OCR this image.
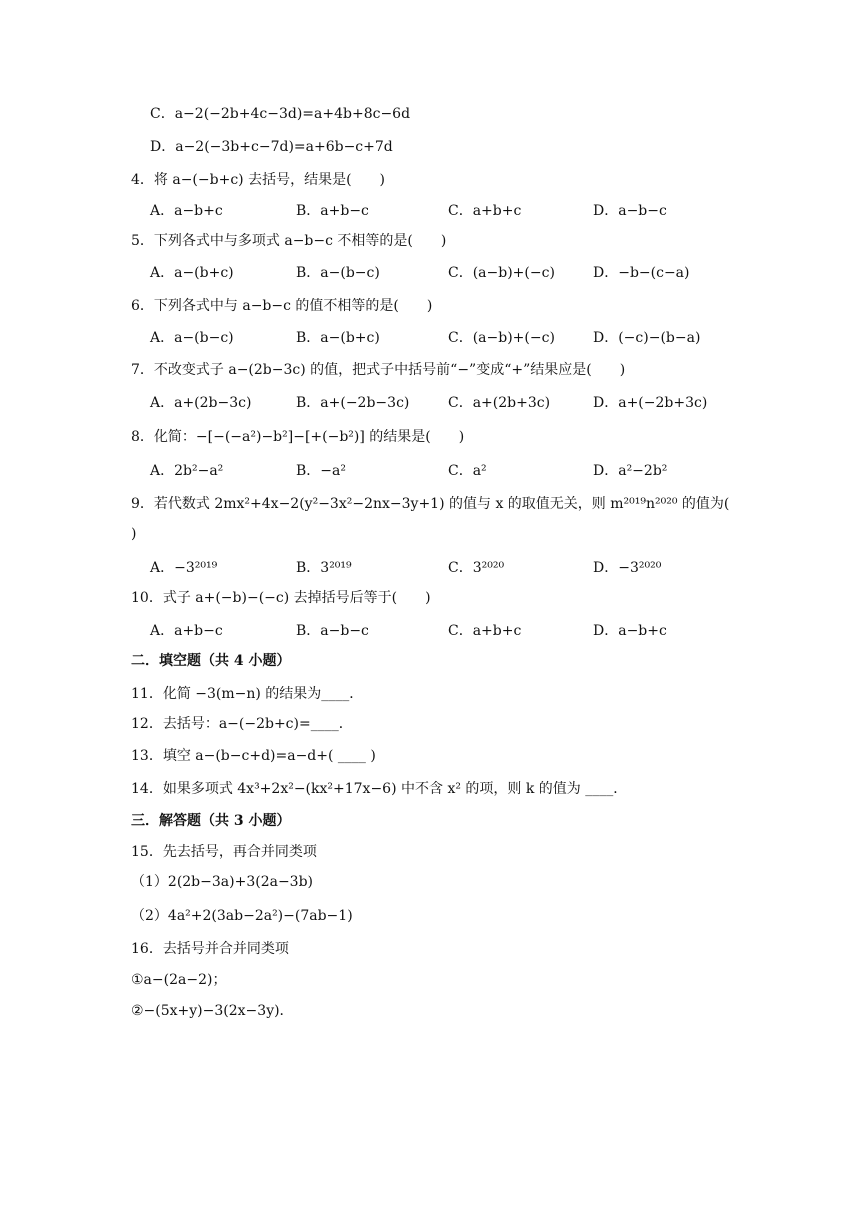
C．a−2(−2b+4c−3d)=a+4b+8c−6d
D．a−2(−3b+c−7d)=a+6b−c+7d
4．将 a−(−b+c) 去括号，结果是(　　)
A．a−b+c	B．a+b−c	C．a+b+c	D．a−b−c
5．下列各式中与多项式 a−b−c 不相等的是(　　)
A．a−(b+c)	B．a−(b−c)	C．(a−b)+(−c)	D．−b−(c−a)
6．下列各式中与 a−b−c 的值不相等的是(　　)
A．a−(b−c)	B．a−(b+c)	C．(a−b)+(−c)	D．(−c)−(b−a)
7．不改变式子 a−(2b−3c) 的值，把式子中括号前“−”变成“+”结果应是(　　)
A．a+(2b−3c)	B．a+(−2b−3c)	C．a+(2b+3c)	D．a+(−2b+3c)
8．化简：−[−(−a²)−b²]−[+(−b²)] 的结果是(　　)
A．2b²−a²	B．−a²	C．a²	D．a²−2b²
9．若代数式 2mx²+4x−2(y²−3x²−2nx−3y+1) 的值与 x 的取值无关，则 m²⁰¹⁹n²⁰²⁰ 的值为(
)
A．−3²⁰¹⁹	B．3²⁰¹⁹	C．3²⁰²⁰	D．−3²⁰²⁰
10．式子 a+(−b)−(−c) 去掉括号后等于(　　)
A．a+b−c	B．a−b−c	C．a+b+c	D．a−b+c
二．填空题（共 4 小题）
11．化简 −3(m−n) 的结果为____．
12．去括号：a−(−2b+c)=____．
13．填空 a−(b−c+d)=a−d+( ____ )
14．如果多项式 4x³+2x²−(kx²+17x−6) 中不含 x² 的项，则 k 的值为 ____．
三．解答题（共 3 小题）
15．先去括号，再合并同类项
（1）2(2b−3a)+3(2a−3b)
（2）4a²+2(3ab−2a²)−(7ab−1)
16．去括号并合并同类项
①a−(2a−2)；
②−(5x+y)−3(2x−3y)．
